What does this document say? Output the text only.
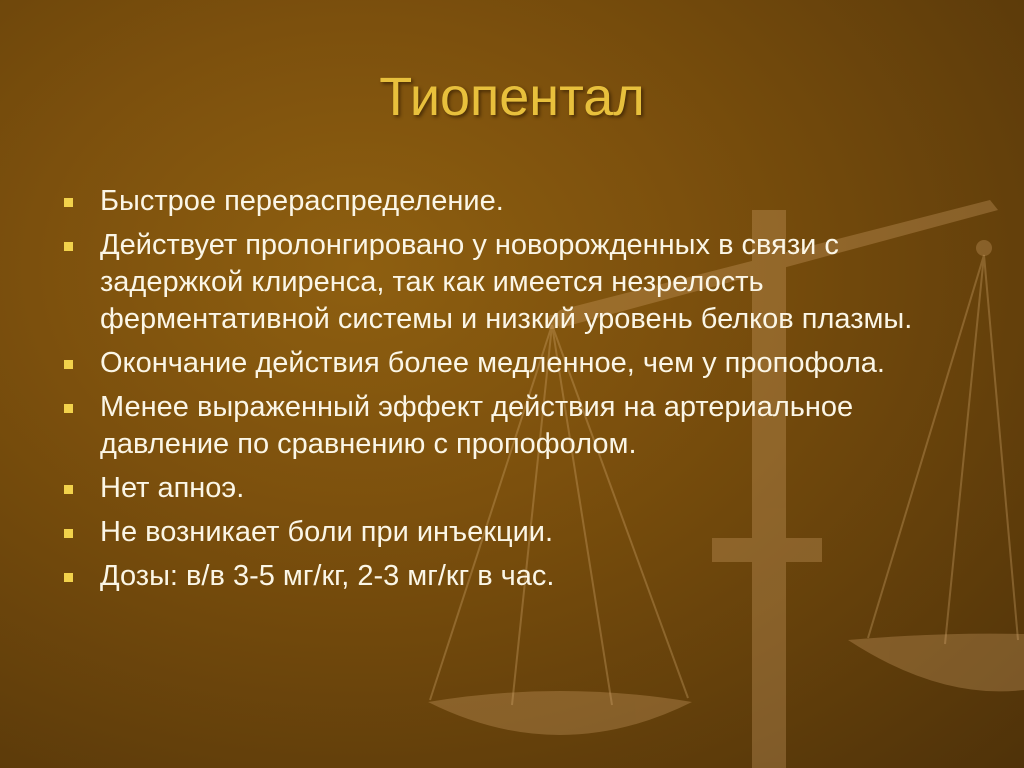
Тиопентал
Быстрое перераспределение.
Действует пролонгировано у новорожденных в связи с задержкой клиренса, так как имеется незрелость ферментативной системы и низкий уровень белков плазмы.
Окончание действия более медленное, чем у пропофола.
Менее выраженный эффект действия на артериальное давление по сравнению с пропофолом.
Нет апноэ.
Не возникает боли при инъекции.
Дозы: в/в 3-5 мг/кг, 2-3 мг/кг в час.
